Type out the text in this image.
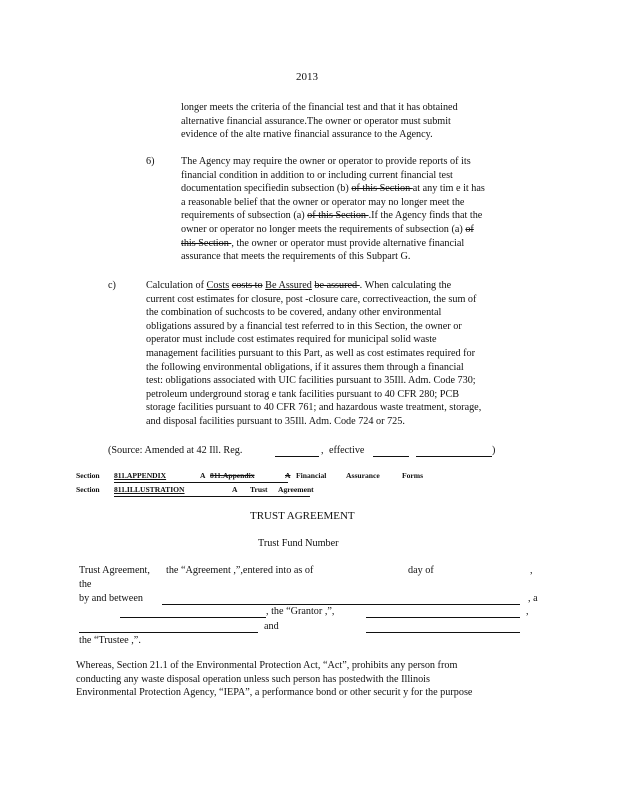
2013
longer meets the criteria of the financial test and that it has obtained
alternative financial assurance.The owner or operator must submit
evidence of the alte rnative financial assurance to the Agency.
6)	The Agency may require the owner or operator to provide reports of its
financial condition in addition to or including current financial test
documentation specifiedin subsection (b) of this Section at any tim e it has
a reasonable belief that the owner or operator may no longer meet the
requirements of subsection (a) of this Section .If the Agency finds that the
owner or operator no longer meets the requirements of subsection (a) of
this Section , the owner or operator must provide alternative financial
assurance that meets the requirements of this Subpart G.
c)	Calculation of Costs costs to Be Assured be assured . When calculating the
current cost estimates for closure, post -closure care, correctiveaction, the sum of
the combination of suchcosts to be covered, andany other environmental
obligations assured by a financial test referred to in this Section, the owner or
operator must include cost estimates required for municipal solid waste
management facilities pursuant to this Part, as well as cost estimates required for
the following environmental obligations, if it assures them through a financial
test: obligations associated with UIC facilities pursuant to 35Ill. Adm. Code 730;
petroleum underground storag e tank facilities pursuant to 40 CFR 280; PCB
storage facilities pursuant to 40 CFR 761; and hazardous waste treatment, storage,
and disposal facilities pursuant to 35Ill. Adm. Code 724 or 725.
(Source: Amended at 42 Ill. Reg.	, effective	)
Section 811.APPENDIX	A 811.Appendix	A Financial	Assurance	Forms
Section 811.ILLUSTRATION	A Trust Agreement
TRUST AGREEMENT
Trust Fund Number
Trust Agreement, the “Agreement ,”,entered into as of	day of	,
the
by and between	, a
, the “Grantor ,”,	,
and
the “Trustee ,”.
Whereas, Section 21.1 of the Environmental Protection Act, “Act”, prohibits any person from
conducting any waste disposal operation unless such person has postedwith the Illinois
Environmental Protection Agency, “IEPA”, a performance bond or other securit y for the purpose
